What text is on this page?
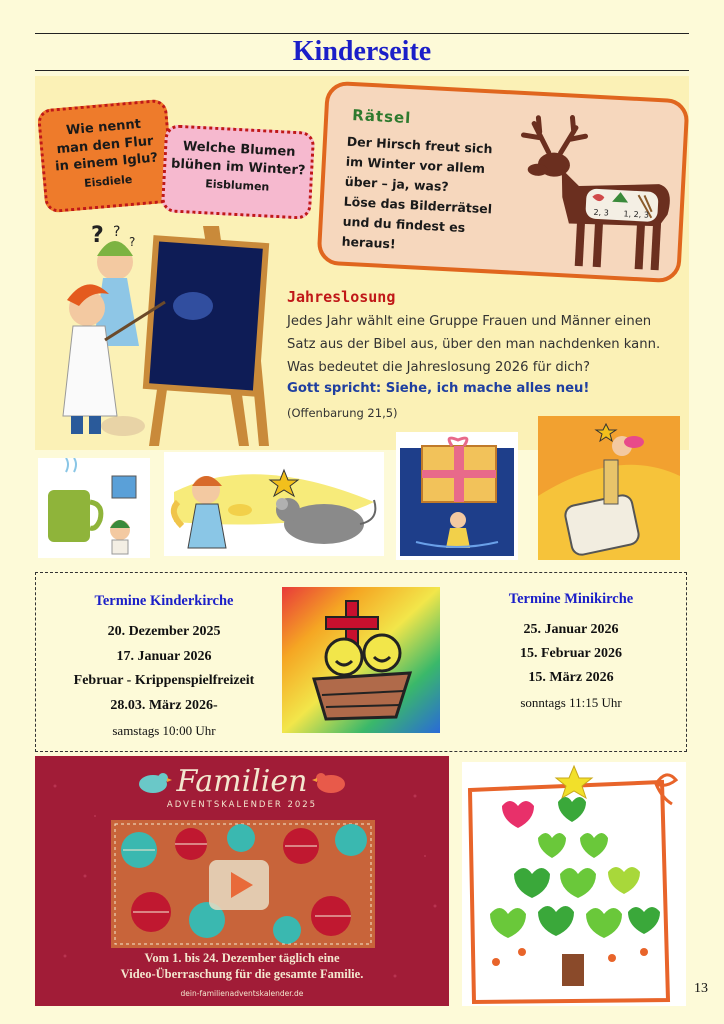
Kinderseite
Wie nennt
man den Flur
in einem Iglu?
Eisdiele
Welche Blumen
blühen im Winter?
Eisblumen
Rätsel
Der Hirsch freut sich
im Winter vor allem
über – ja, was?
Löse das Bilderrätsel
und du findest es heraus!
2, 3 1, 2, 3
? ?
?
Jahreslosung
Jedes Jahr wählt eine Gruppe Frauen und Männer einen
Satz aus der Bibel aus, über den man nachdenken kann.
Was bedeutet die Jahreslosung 2026 für dich?
Gott spricht: Siehe, ich mache alles neu!
(Offenbarung 21,5)
Termine Kinderkirche
20. Dezember 2025
17. Januar 2026
Februar - Krippenspielfreizeit
28.03. März 2026-
samstags 10:00 Uhr
Termine Minikirche
25. Januar 2026
15. Februar 2026
15. März 2026
sonntags 11:15 Uhr
Familien
ADVENTSKALENDER 2025
Vom 1. bis 24. Dezember täglich eine
Video-Überraschung für die gesamte Familie.
dein-familienadventskalender.de	13
